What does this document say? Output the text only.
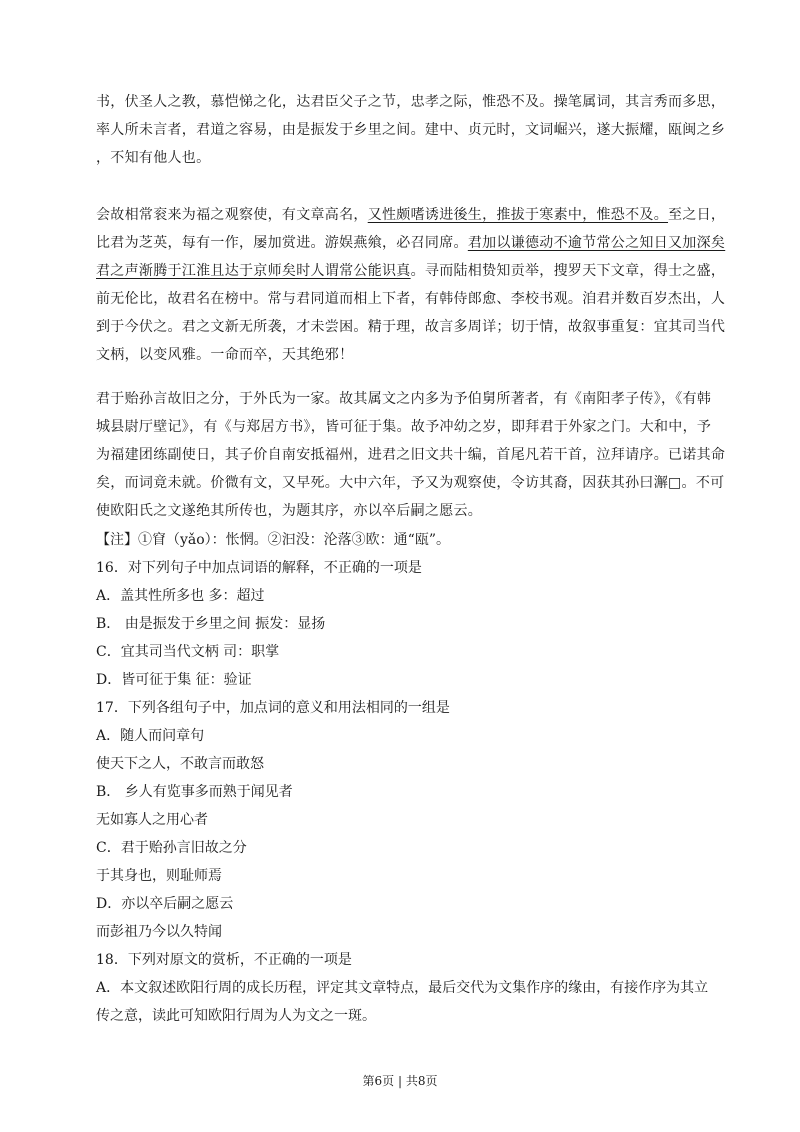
书，伏圣人之教，慕恺悌之化，达君臣父子之节，忠孝之际，惟恐不及。操笔属词，其言秀而多思，
率人所未言者，君道之容易，由是振发于乡里之间。建中、贞元时，文词崛兴，遂大振耀，瓯闽之乡
，不知有他人也。
会故相常衮来为福之观察使，有文章高名，又性颇嗜诱进後生，推拔于寒素中，惟恐不及。至之日，
比君为芝英，每有一作，屡加赏进。游娱燕飨，必召同席。君加以谦德动不逾节常公之知日又加深矣
君之声渐腾于江淮且达于京师矣时人谓常公能识真。寻而陆相贽知贡举，搜罗天下文章，得士之盛，
前无伦比，故君名在榜中。常与君同道而相上下者，有韩侍郎愈、李校书观。洎君并数百岁杰出，人
到于今伏之。君之文新无所袭，才未尝困。精于理，故言多周详；切于情，故叙事重复：宜其司当代
文柄，以变风雅。一命而卒，天其绝邪！
君于贻孙言故旧之分，于外氏为一家。故其属文之内多为予伯舅所著者，有《南阳孝子传》，《有韩
城县尉厅壁记》，有《与郑居方书》，皆可征于集。故予冲幼之岁，即拜君于外家之门。大和中，予
为福建团练副使日，其子价自南安抵福州，进君之旧文共十编，首尾凡若干首，泣拜请序。已诺其命
矣，而词竟未就。价微有文，又早死。大中六年，予又为观察使，令访其裔，因获其孙曰澥□。不可
使欧阳氏之文遂绝其所传也，为题其序，亦以卒后嗣之愿云。

【注】①窅（yǎo）：怅惘。②汩没：沦落③欧：通“瓯”。

16．对下列句子中加点词语的解释，不正确的一项是

A．盖其性所多也 多：超过

B． 由是振发于乡里之间 振发：显扬

C．宜其司当代文柄 司：职掌

D．皆可征于集 征：验证

17．下列各组句子中，加点词的意义和用法相同的一组是

A．随人而问章句

使天下之人，不敢言而敢怒

B． 乡人有览事多而熟于闻见者

无如寡人之用心者

C．君于贻孙言旧故之分

于其身也，则耻师焉

D．亦以卒后嗣之愿云

而彭祖乃今以久特闻

18．下列对原文的赏析，不正确的一项是

A．本文叙述欧阳行周的成长历程，评定其文章特点，最后交代为文集作序的缘由，有接作序为其立

传之意，读此可知欧阳行周为人为文之一斑。

第6页 | 共8页
